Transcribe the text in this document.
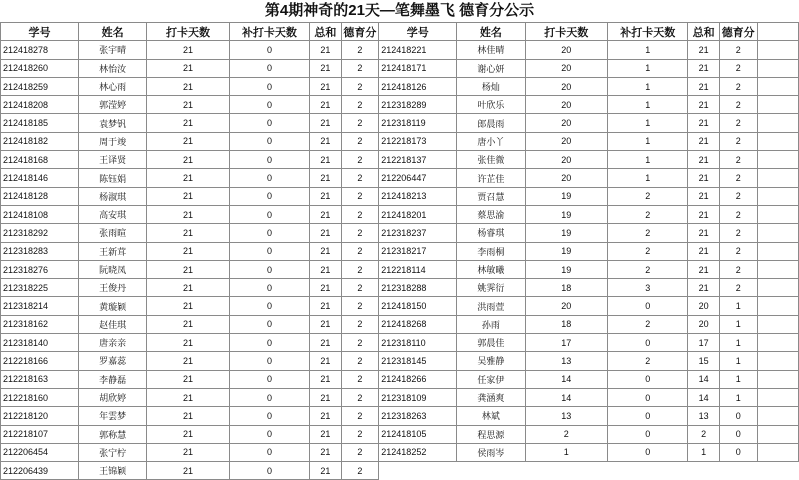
第4期神奇的21天—笔舞墨飞 德育分公示
学号	姓名	打卡天数	补打卡天数	总和	德育分	学号	姓名	打卡天数	补打卡天数	总和	德育分	
212418278	张宇晴	21	0	21	2	212418221	林佳晴	20	1	21	2	
212418260	林怡汝	21	0	21	2	212418171	谢心妍	20	1	21	2	
212418259	林心雨	21	0	21	2	212418126	杨灿	20	1	21	2	
212418208	郭滢婷	21	0	21	2	212318289	叶欣乐	20	1	21	2	
212418185	袁梦钒	21	0	21	2	212318119	郎晨雨	20	1	21	2	
212418182	周于竣	21	0	21	2	212218173	唐小丫	20	1	21	2	
212418168	王译贤	21	0	21	2	212218137	张佳微	20	1	21	2	
212418146	陈钰娟	21	0	21	2	212206447	许芷佳	20	1	21	2	
212418128	杨淑琪	21	0	21	2	212418213	贾召慧	19	2	21	2	
212418108	高安琪	21	0	21	2	212418201	蔡思渝	19	2	21	2	
212318292	张雨暄	21	0	21	2	212318237	杨睿琪	19	2	21	2	
212318283	王新茸	21	0	21	2	212318217	李雨桐	19	2	21	2	
212318276	阮晓凤	21	0	21	2	212218114	林敏曦	19	2	21	2	
212318225	王俊丹	21	0	21	2	212318288	姚霁衍	18	3	21	2	
212318214	黄璇颖	21	0	21	2	212418150	洪雨萱	20	0	20	1	
212318162	赵佳琪	21	0	21	2	212418268	孙雨	18	2	20	1	
212318140	唐亲亲	21	0	21	2	212318110	郭晨佳	17	0	17	1	
212218166	罗嘉蕊	21	0	21	2	212318145	吴雅静	13	2	15	1	
212218163	李静磊	21	0	21	2	212418266	任家伊	14	0	14	1	
212218160	胡欣婷	21	0	21	2	212318109	龚涵爽	14	0	14	1	
212218120	年雲梦	21	0	21	2	212318263	林斌	13	0	13	0	
212218107	郭称慧	21	0	21	2	212418105	程思源	2	0	2	0	
212206454	张宁柠	21	0	21	2	212418252	侯雨岑	1	0	1	0	
212206439	王锦颖	21	0	21	2							
